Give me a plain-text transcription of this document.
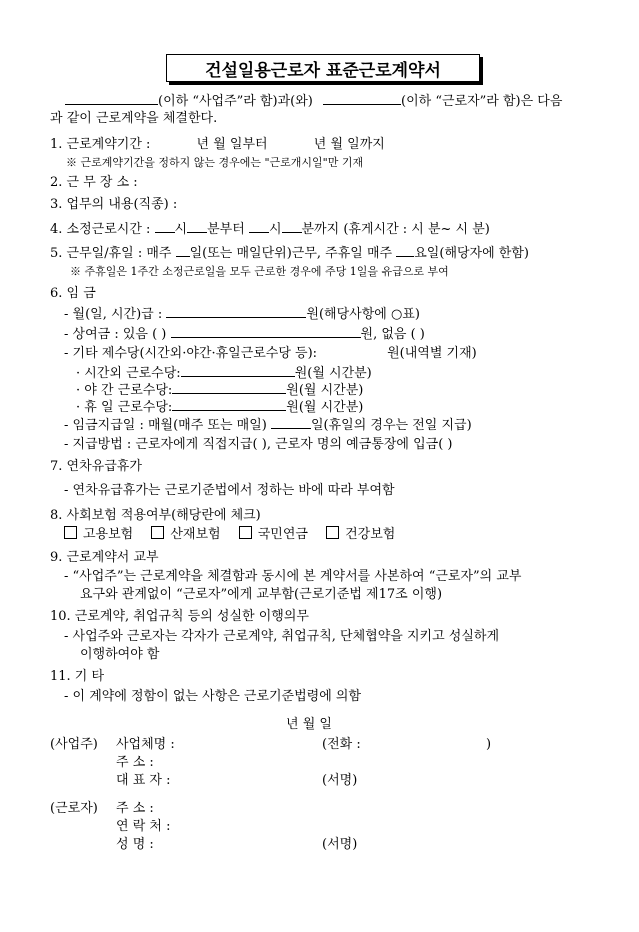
건설일용근로자 표준근로계약서
(이하 “사업주”라 함)과(와)	(이하 “근로자”라 함)은 다음
과 같이 근로계약을 체결한다.
1. 근로계약기간 :	년 월 일부터	년 월 일까지
※ 근로계약기간을 정하지 않는 경우에는 "근로개시일"만 기재
2. 근 무 장 소 :
3. 업무의 내용(직종) :
4. 소정근로시간 : 시 분부터 시 분까지 (휴게시간 : 시 분~ 시 분)
5. 근무일/휴일 : 매주 일(또는 매일단위)근무, 주휴일 매주 요일(해당자에 한함)
※ 주휴일은 1주간 소정근로일을 모두 근로한 경우에 주당 1일을 유급으로 부여
6. 임 금
- 월(일, 시간)급 :	원(해당사항에 ○표)
- 상여금 : 있음 ( )	원, 없음 ( )
- 기타 제수당(시간외·야간·휴일근로수당 등):	원(내역별 기재)
· 시간외 근로수당:	원(월 시간분)
· 야 간 근로수당:	원(월 시간분)
· 휴 일 근로수당:	원(월 시간분)
- 임금지급일 : 매월(매주 또는 매일)	일(휴일의 경우는 전일 지급)
- 지급방법 : 근로자에게 직접지급( ), 근로자 명의 예금통장에 입금( )
7. 연차유급휴가
- 연차유급휴가는 근로기준법에서 정하는 바에 따라 부여함
8. 사회보험 적용여부(해당란에 체크)
고용보험	산재보험	국민연금	건강보험
9. 근로계약서 교부
- “사업주”는 근로계약을 체결함과 동시에 본 계약서를 사본하여 “근로자”의 교부
요구와 관계없이 “근로자”에게 교부함(근로기준법 제17조 이행)
10. 근로계약, 취업규칙 등의 성실한 이행의무
- 사업주와 근로자는 각자가 근로계약, 취업규칙, 단체협약을 지키고 성실하게
이행하여야 함
11. 기 타
- 이 계약에 정함이 없는 사항은 근로기준법령에 의함
년 월 일
(사업주) 사업체명 :	(전화 :	)
주 소 :
대 표 자 :	(서명)
(근로자) 주 소 :
연 락 처 :
성 명 :	(서명)
